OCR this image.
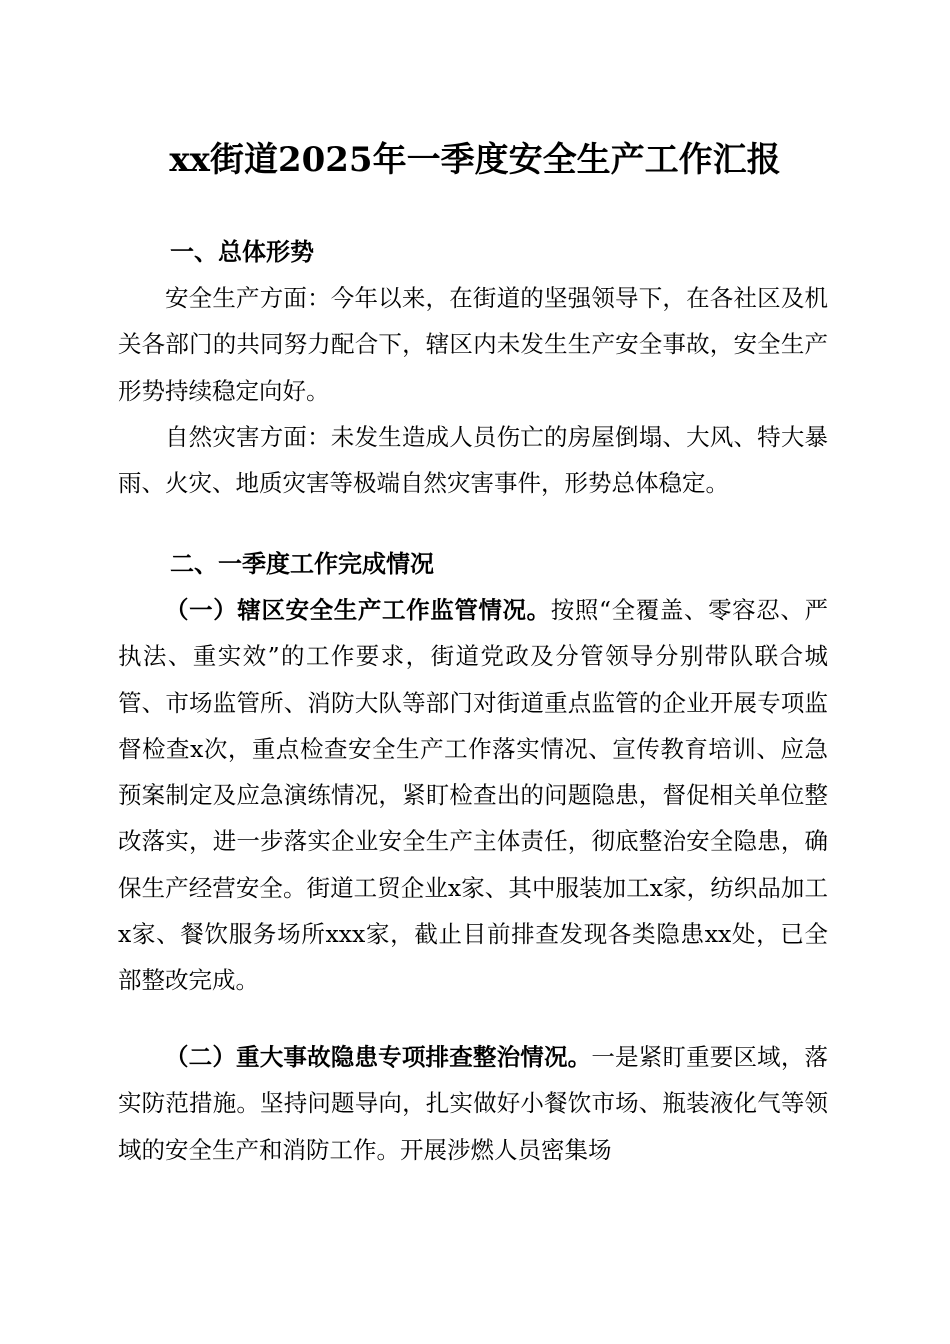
xx街道2025年一季度安全生产工作汇报
一、总体形势

安全生产方面：今年以来，在街道的坚强领导下，在各社区及机关各部门的共同努力配合下，辖区内未发生生产安全事故，安全生产形势持续稳定向好。

自然灾害方面：未发生造成人员伤亡的房屋倒塌、大风、特大暴雨、火灾、地质灾害等极端自然灾害事件，形势总体稳定。

二、一季度工作完成情况

（一）辖区安全生产工作监管情况。按照“全覆盖、零容忍、严执法、重实效”的工作要求，街道党政及分管领导分别带队联合城管、市场监管所、消防大队等部门对街道重点监管的企业开展专项监督检查x次，重点检查安全生产工作落实情况、宣传教育培训、应急预案制定及应急演练情况，紧盯检查出的问题隐患，督促相关单位整改落实，进一步落实企业安全生产主体责任，彻底整治安全隐患，确保生产经营安全。街道工贸企业x家、其中服装加工x家，纺织品加工x家、餐饮服务场所xxx家，截止目前排查发现各类隐患xx处，已全部整改完成。

（二）重大事故隐患专项排查整治情况。一是紧盯重要区域，落实防范措施。坚持问题导向，扎实做好小餐饮市场、瓶装液化气等领域的安全生产和消防工作。开展涉燃人员密集场
